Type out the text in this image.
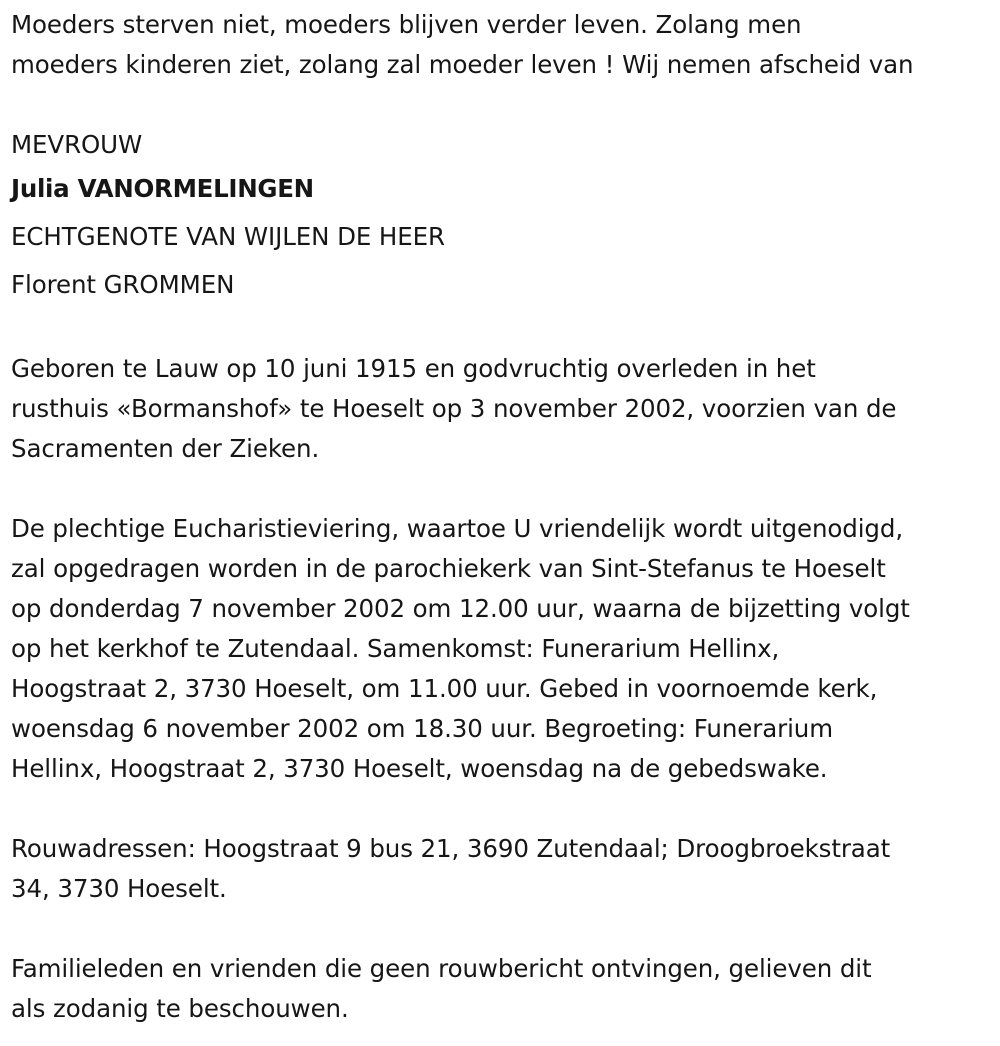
Moeders sterven niet, moeders blijven verder leven. Zolang men
moeders kinderen ziet, zolang zal moeder leven ! Wij nemen afscheid van
MEVROUW
Julia VANORMELINGEN
ECHTGENOTE VAN WIJLEN DE HEER
Florent GROMMEN
Geboren te Lauw op 10 juni 1915 en godvruchtig overleden in het
rusthuis «Bormanshof» te Hoeselt op 3 november 2002, voorzien van de
Sacramenten der Zieken.
De plechtige Eucharistieviering, waartoe U vriendelijk wordt uitgenodigd,
zal opgedragen worden in de parochiekerk van Sint-Stefanus te Hoeselt
op donderdag 7 november 2002 om 12.00 uur, waarna de bijzetting volgt
op het kerkhof te Zutendaal. Samenkomst: Funerarium Hellinx,
Hoogstraat 2, 3730 Hoeselt, om 11.00 uur. Gebed in voornoemde kerk,
woensdag 6 november 2002 om 18.30 uur. Begroeting: Funerarium
Hellinx, Hoogstraat 2, 3730 Hoeselt, woensdag na de gebedswake.
Rouwadressen: Hoogstraat 9 bus 21, 3690 Zutendaal; Droogbroekstraat
34, 3730 Hoeselt.
Familieleden en vrienden die geen rouwbericht ontvingen, gelieven dit
als zodanig te beschouwen.
